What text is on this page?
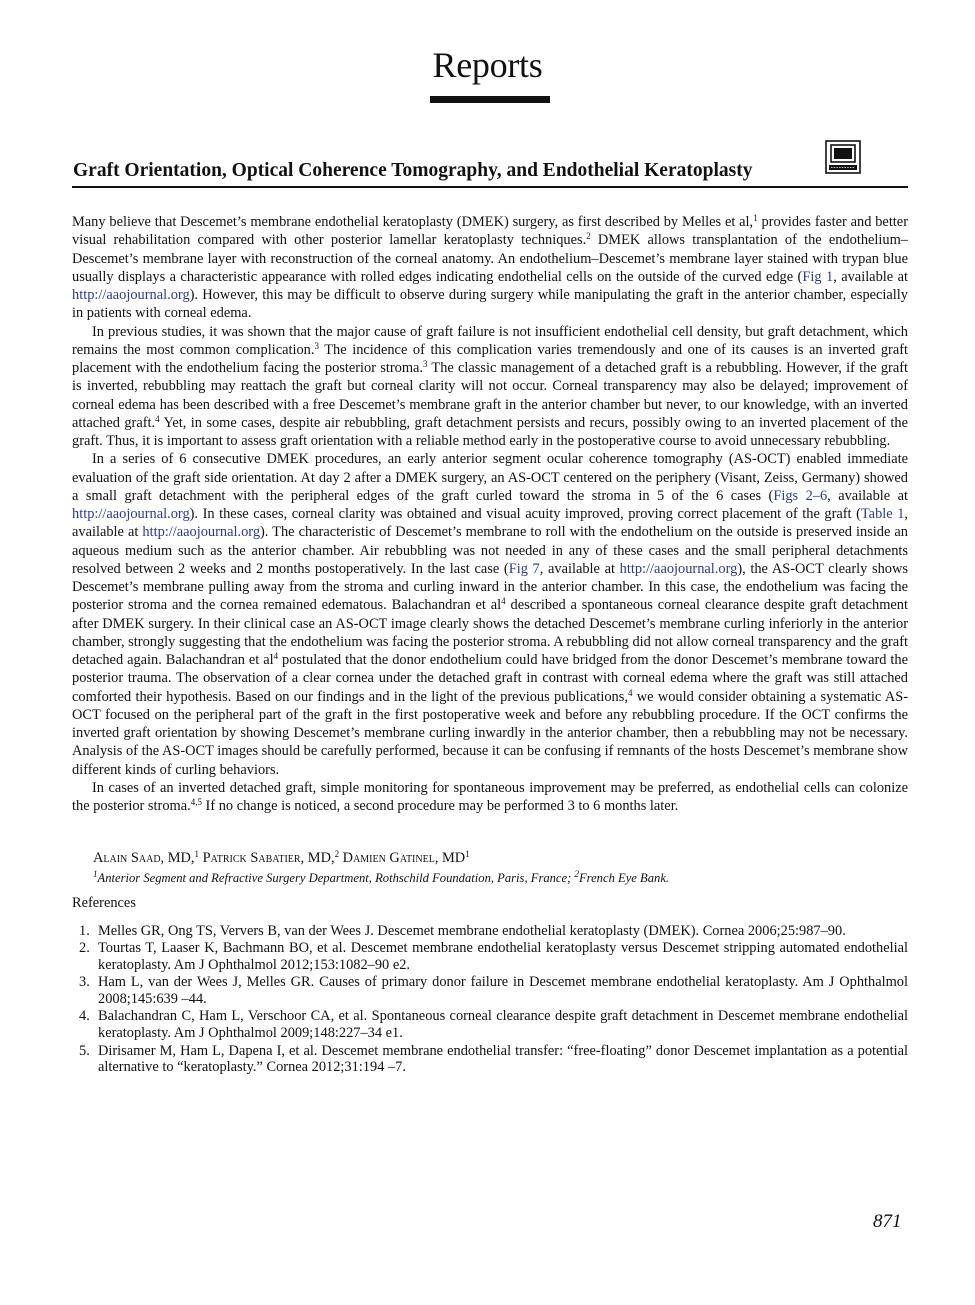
Reports
Graft Orientation, Optical Coherence Tomography, and Endothelial Keratoplasty

Many believe that Descemet’s membrane endothelial keratoplasty (DMEK) surgery, as first described by Melles et al,$^1$ provides faster and better visual rehabilitation compared with other posterior lamellar keratoplasty techniques.$^2$ DMEK allows transplantation of the endothelium–Descemet’s membrane layer with reconstruction of the corneal anatomy. An endothelium–Descemet’s membrane layer stained with trypan blue usually displays a characteristic appearance with rolled edges indicating endothelial cells on the outside of the curved edge (Fig 1, available at http://aaojournal.org). However, this may be difficult to observe during surgery while manipulating the graft in the anterior chamber, especially in patients with corneal edema.

In previous studies, it was shown that the major cause of graft failure is not insufficient endothelial cell density, but graft detachment, which remains the most common complication.$^3$ The incidence of this complication varies tremendously and one of its causes is an inverted graft placement with the endothelium facing the posterior stroma.$^3$ The classic management of a detached graft is a rebubbling. However, if the graft is inverted, rebubbling may reattach the graft but corneal clarity will not occur. Corneal transparency may also be delayed; improvement of corneal edema has been described with a free Descemet’s membrane graft in the anterior chamber but never, to our knowledge, with an inverted attached graft.$^4$ Yet, in some cases, despite air rebubbling, graft detachment persists and recurs, possibly owing to an inverted placement of the graft. Thus, it is important to assess graft orientation with a reliable method early in the postoperative course to avoid unnecessary rebubbling.

In a series of 6 consecutive DMEK procedures, an early anterior segment ocular coherence tomography (AS-OCT) enabled immediate evaluation of the graft side orientation. At day 2 after a DMEK surgery, an AS-OCT centered on the periphery (Visant, Zeiss, Germany) showed a small graft detachment with the peripheral edges of the graft curled toward the stroma in 5 of the 6 cases (Figs 2–6, available at http://aaojournal.org). In these cases, corneal clarity was obtained and visual acuity improved, proving correct placement of the graft (Table 1, available at http://aaojournal.org). The characteristic of Descemet’s membrane to roll with the endothelium on the outside is preserved inside an aqueous medium such as the anterior chamber. Air rebubbling was not needed in any of these cases and the small peripheral detachments resolved between 2 weeks and 2 months postoperatively. In the last case (Fig 7, available at http://aaojournal.org), the AS-OCT clearly shows Descemet’s membrane pulling away from the stroma and curling inward in the anterior chamber. In this case, the endothelium was facing the posterior stroma and the cornea remained edematous. Balachandran et $al^4$ described a spontaneous corneal clearance despite graft detachment after DMEK surgery. In their clinical case an AS-OCT image clearly shows the detached Descemet’s membrane curling inferiorly in the anterior chamber, strongly suggesting that the endothelium was facing the posterior stroma. A rebubbling did not allow corneal transparency and the graft detached again. Balachandran et $al^4$ postulated that the donor endothelium could have bridged from the donor Descemet’s membrane toward the posterior trauma. The observation of a clear cornea under the detached graft in contrast with corneal edema where the graft was still attached comforted their hypothesis. Based on our findings and in the light of the previous publications,$^4$ we would consider obtaining a systematic AS-OCT focused on the peripheral part of the graft in the first postoperative week and before any rebubbling procedure. If the OCT confirms the inverted graft orientation by showing Descemet’s membrane curling inwardly in the anterior chamber, then a rebubbling may not be necessary. Analysis of the AS-OCT images should be carefully performed, because it can be confusing if remnants of the hosts Descemet’s membrane show different kinds of curling behaviors.

In cases of an inverted detached graft, simple monitoring for spontaneous improvement may be preferred, as endothelial cells can colonize the posterior stroma.$^{4,5}$ If no change is noticed, a second procedure may be performed 3 to 6 months later.

Alain Saad, MD,$^1$ Patrick Sabatier, MD,$^2$ Damien Gatinel, $MD^1$
$^1$Anterior Segment and Refractive Surgery Department, Rothschild Foundation, Paris, France; $^2$French Eye Bank.
References
1. Melles GR, Ong TS, Ververs B, van der Wees J. Descemet membrane endothelial keratoplasty (DMEK). Cornea 2006;25:987–90.
2. Tourtas T, Laaser K, Bachmann BO, et al. Descemet membrane endothelial keratoplasty versus Descemet stripping automated endothelial keratoplasty. Am J Ophthalmol 2012;153:1082–90 e2.
3. Ham L, van der Wees J, Melles GR. Causes of primary donor failure in Descemet membrane endothelial keratoplasty. Am J Ophthalmol 2008;145:639 –44.
4. Balachandran C, Ham L, Verschoor CA, et al. Spontaneous corneal clearance despite graft detachment in Descemet membrane endothelial keratoplasty. Am J Ophthalmol 2009;148:227–34 e1.
5. Dirisamer M, Ham L, Dapena I, et al. Descemet membrane endothelial transfer: “free-floating” donor Descemet implantation as a potential alternative to “keratoplasty.” Cornea 2012;31:194 –7.
871
